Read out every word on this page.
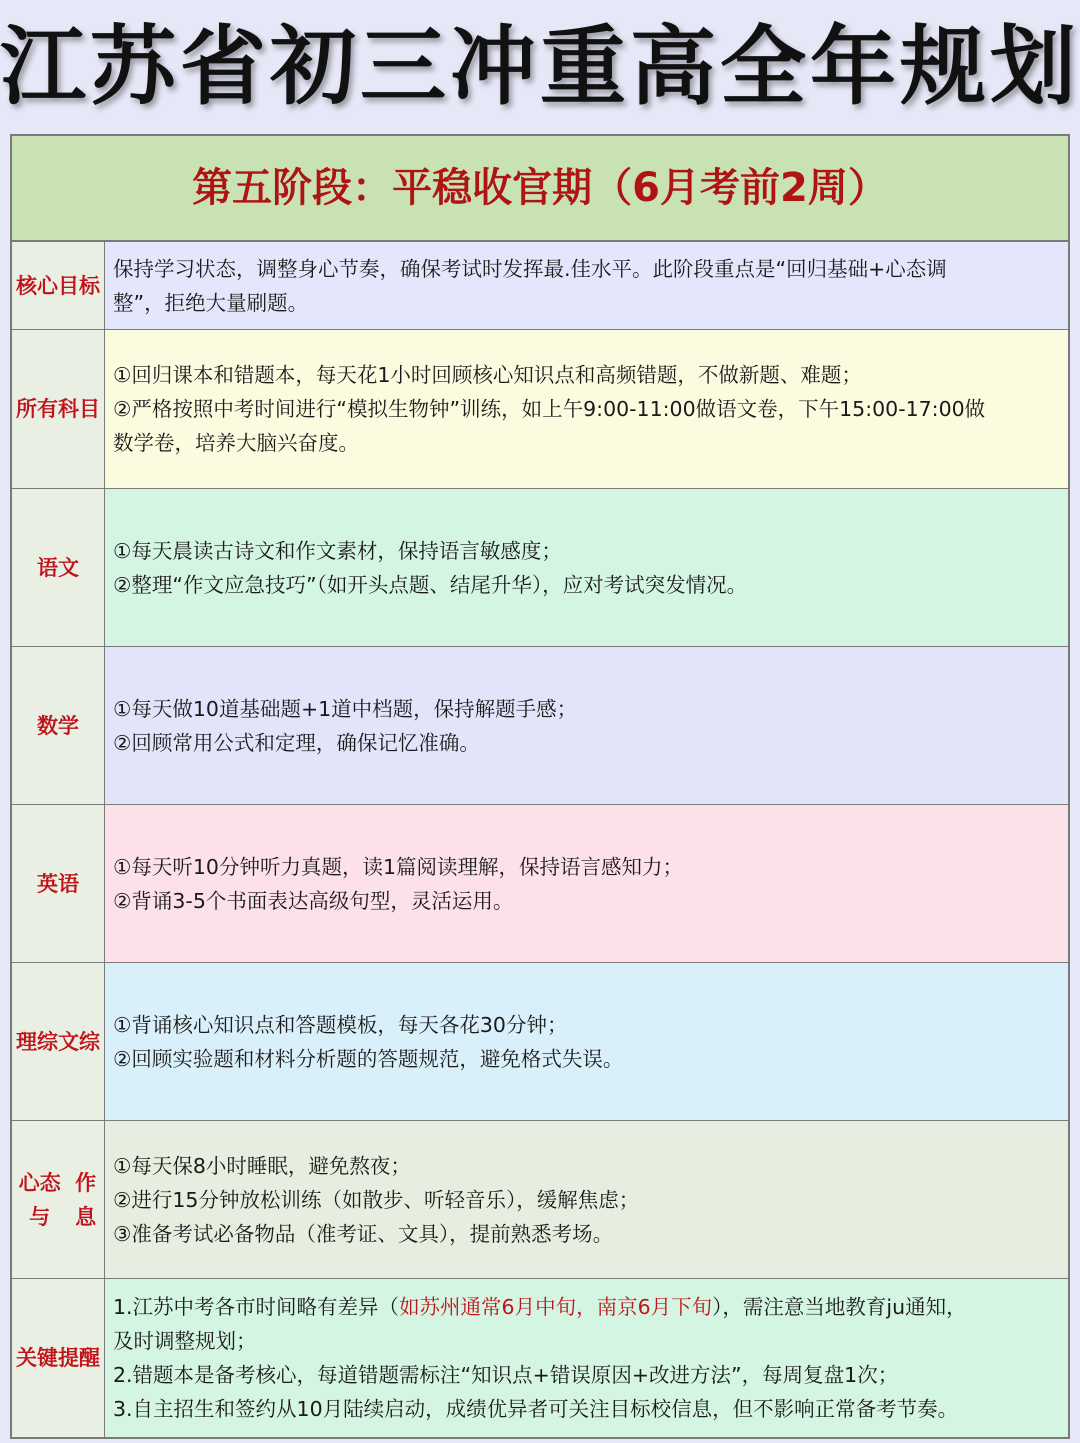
江苏省初三冲重高全年规划
第五阶段：平稳收官期（6月考前2周）
核心 目标
保持学习状态，调整身心节奏，确保考试时发挥最.佳水平。此阶段重点是“回归基础+心态调
整”，拒绝大量刷题。
所有 科目
①回归课本和错题本，每天花1小时回顾核心知识点和高频错题，不做新题、难题；
②严格按照中考时间进行“模拟生物钟”训练，如上午9:00-11:00做语文卷，下午15:00-17:00做
数学卷，培养大脑兴奋度。
语文
①每天晨读古诗文和作文素材，保持语言敏感度；
②整理“作文应急技巧”（如开头点题、结尾升华），应对考试突发情况。
数学
①每天做10道基础题+1道中档题，保持解题手感；
②回顾常用公式和定理，确保记忆准确。
英语
①每天听10分钟听力真题，读1篇阅读理解，保持语言感知力；
②背诵3-5个书面表达高级句型，灵活运用。
理综 文综
①背诵核心知识点和答题模板，每天各花30分钟；
②回顾实验题和材料分析题的答题规范，避免格式失误。
心态与

作息
①每天保8小时睡眠，避免熬夜；
②进行15分钟放松训练（如散步、听轻音乐），缓解焦虑；
③准备考试必备物品（准考证、文具），提前熟悉考场。
关键 提醒
1.江苏中考各市时间略有差异（如苏州通常6月中旬，南京6月下旬），需注意当地教育ju通知，
及时调整规划；
2.错题本是备考核心，每道错题需标注“知识点+错误原因+改进方法”，每周复盘1次；
3.自主招生和签约从10月陆续启动，成绩优异者可关注目标校信息，但不影响正常备考节奏。
